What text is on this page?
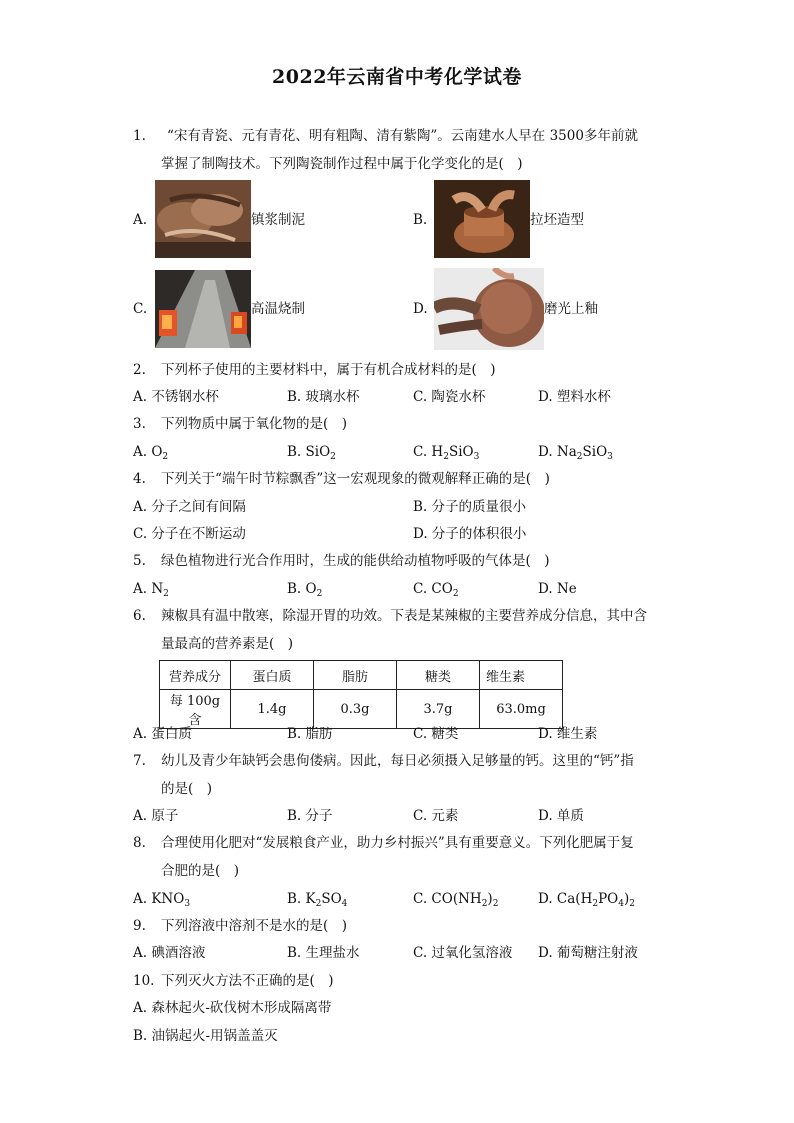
2022年云南省中考化学试卷
1.	“宋有青瓷、元有青花、明有粗陶、清有紫陶”。云南建水人早在 3500多年前就
掌握了制陶技术。下列陶瓷制作过程中属于化学变化的是(　)
A.	镇浆制泥	B.	拉坯造型
C.	高温烧制	D.	磨光上釉
2.	下列杯子使用的主要材料中，属于有机合成材料的是(　)
A. 不锈钢水杯	B. 玻璃水杯	C. 陶瓷水杯	D. 塑料水杯
3.	下列物质中属于氧化物的是(　)
A. $O_2$	B. SiO$_2$	C. $H_2SiO_3$	D. $Na_2SiO_3$
4.	下列关于“端午时节粽飘香”这一宏观现象的微观解释正确的是(　)
A. 分子之间有间隔	B. 分子的质量很小
C. 分子在不断运动	D. 分子的体积很小
5.	绿色植物进行光合作用时，生成的能供给动植物呼吸的气体是(　)
A. $N_2$	B. $O_2$	C. $CO_2$	D. Ne
6.	辣椒具有温中散寒，除湿开胃的功效。下表是某辣椒的主要营养成分信息，其中含
量最高的营养素是(　)
营养成分	蛋白质	脂肪	糖类	维生素
每 100g含	1.4g	0.3g	3.7g	63.0mg
A. 蛋白质	B. 脂肪	C. 糖类	D. 维生素
7.	幼儿及青少年缺钙会患佝偻病。因此，每日必须摄入足够量的钙。这里的“钙”指
的是(　)
A. 原子	B. 分子	C. 元素	D. 单质
8.	合理使用化肥对“发展粮食产业，助力乡村振兴”具有重要意义。下列化肥属于复
合肥的是(　)
A. $KNO_3$	B. $K_2SO_4$	C. $CO(NH_2)_2$	D. $Ca(H_2PO_4)_2$
9.	下列溶液中溶剂不是水的是(　)
A. 碘酒溶液	B. 生理盐水	C. 过氧化氢溶液 D. 葡萄糖注射液
10. 下列灭火方法不正确的是(　)
A. 森林起火-砍伐树木形成隔离带
B. 油锅起火-用锅盖盖灭
